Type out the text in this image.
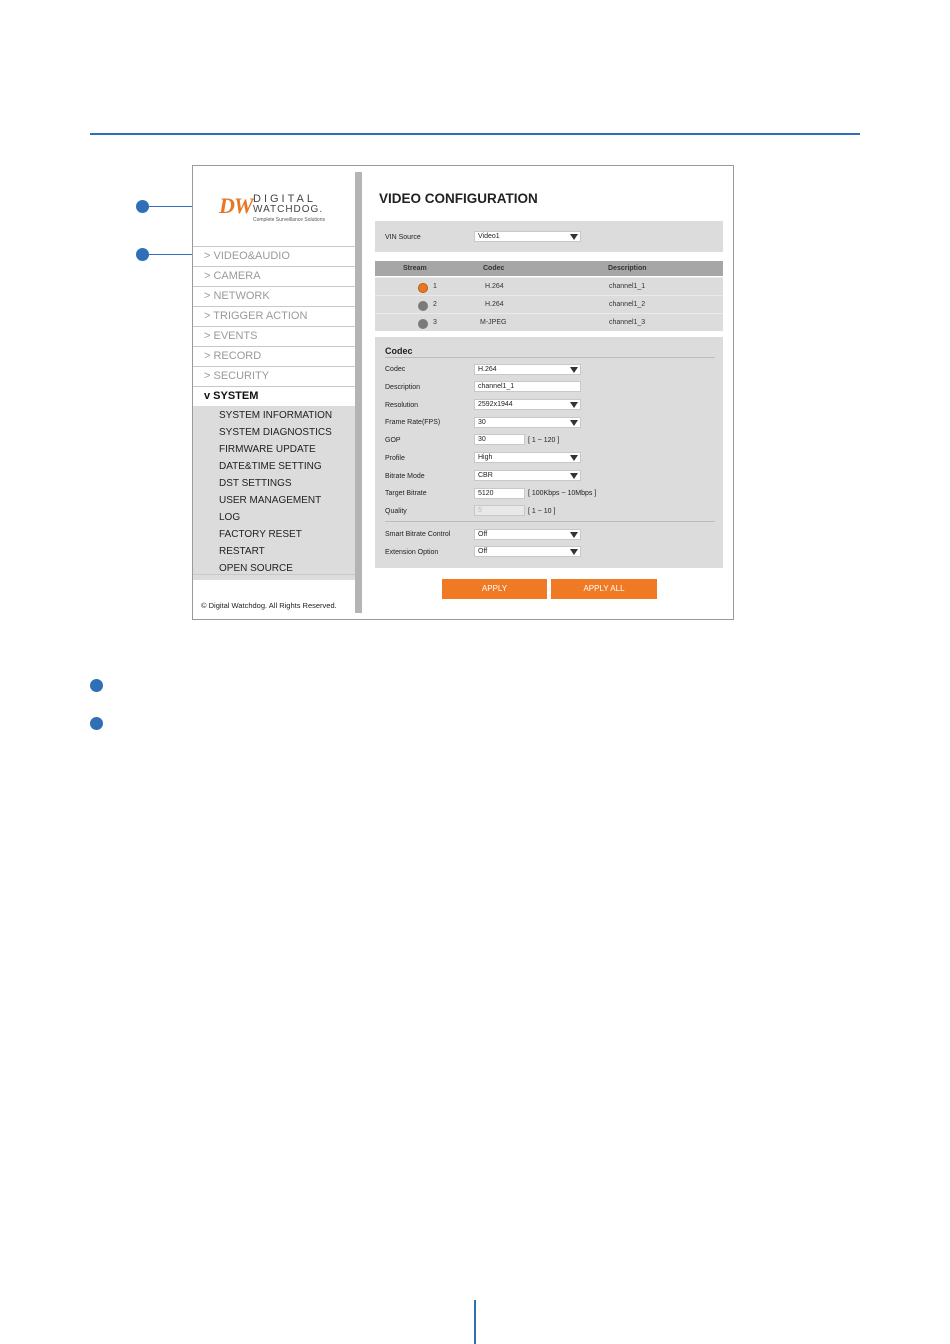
DW DIGITAL
WATCHDOG.
Complete Surveillance Solutions
> VIDEO&AUDIO
> CAMERA
> NETWORK
> TRIGGER ACTION
> EVENTS
> RECORD
> SECURITY
v SYSTEM
SYSTEM INFORMATION
SYSTEM DIAGNOSTICS
FIRMWARE UPDATE
DATE&TIME SETTING
DST SETTINGS
USER MANAGEMENT
LOG
FACTORY RESET
RESTART
OPEN SOURCE
© Digital Watchdog. All Rights Reserved.
VIDEO CONFIGURATION
VIN Source	Video1
Stream	Codec	Description
1	H.264	channel1_1
2	H.264	channel1_2
3	M-JPEG	channel1_3
Codec
Codec	H.264
Description	channel1_1
Resolution	2592x1944
Frame Rate(FPS)	30
GOP	30	[ 1 ~ 120 ]
Profile	High
Bitrate Mode	CBR
Target Bitrate	5120	[ 100Kbps ~ 10Mbps ]
Quality	5	[ 1 ~ 10 ]
Smart Bitrate Control	Off
Extension Option	Off
APPLY	APPLY ALL
